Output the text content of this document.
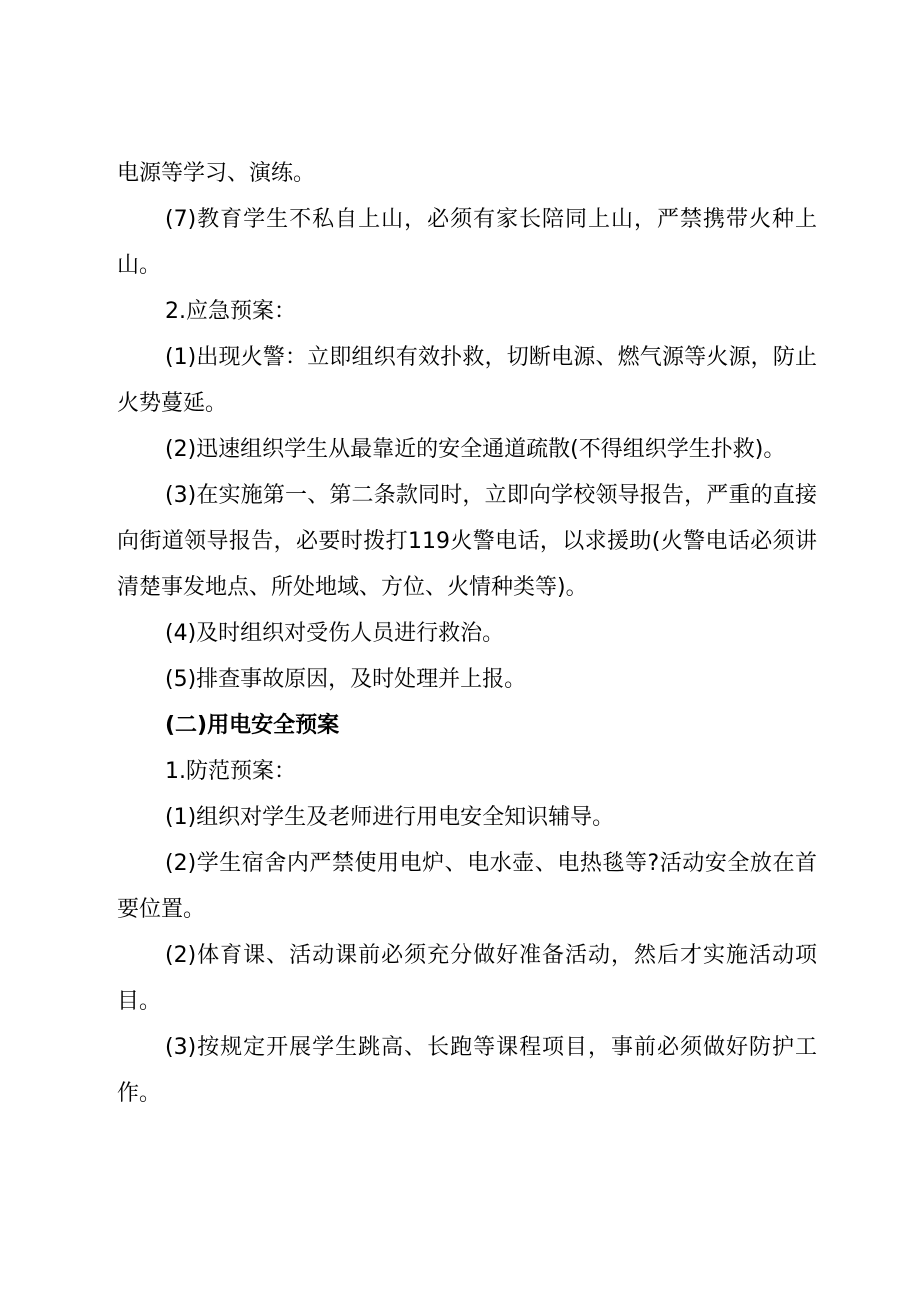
电源等学习、演练。

(7)教育学生不私自上山，必须有家长陪同上山，严禁携带火种上山。

2.应急预案：

(1)出现火警：立即组织有效扑救，切断电源、燃气源等火源，防止火势蔓延。

(2)迅速组织学生从最靠近的安全通道疏散(不得组织学生扑救)。

(3)在实施第一、第二条款同时，立即向学校领导报告，严重的直接向街道领导报告，必要时拨打119火警电话，以求援助(火警电话必须讲清楚事发地点、所处地域、方位、火情种类等)。

(4)及时组织对受伤人员进行救治。

(5)排查事故原因，及时处理并上报。

(二)用电安全预案

1.防范预案：

(1)组织对学生及老师进行用电安全知识辅导。

(2)学生宿舍内严禁使用电炉、电水壶、电热毯等?活动安全放在首要位置。

(2)体育课、活动课前必须充分做好准备活动，然后才实施活动项目。

(3)按规定开展学生跳高、长跑等课程项目，事前必须做好防护工作。
